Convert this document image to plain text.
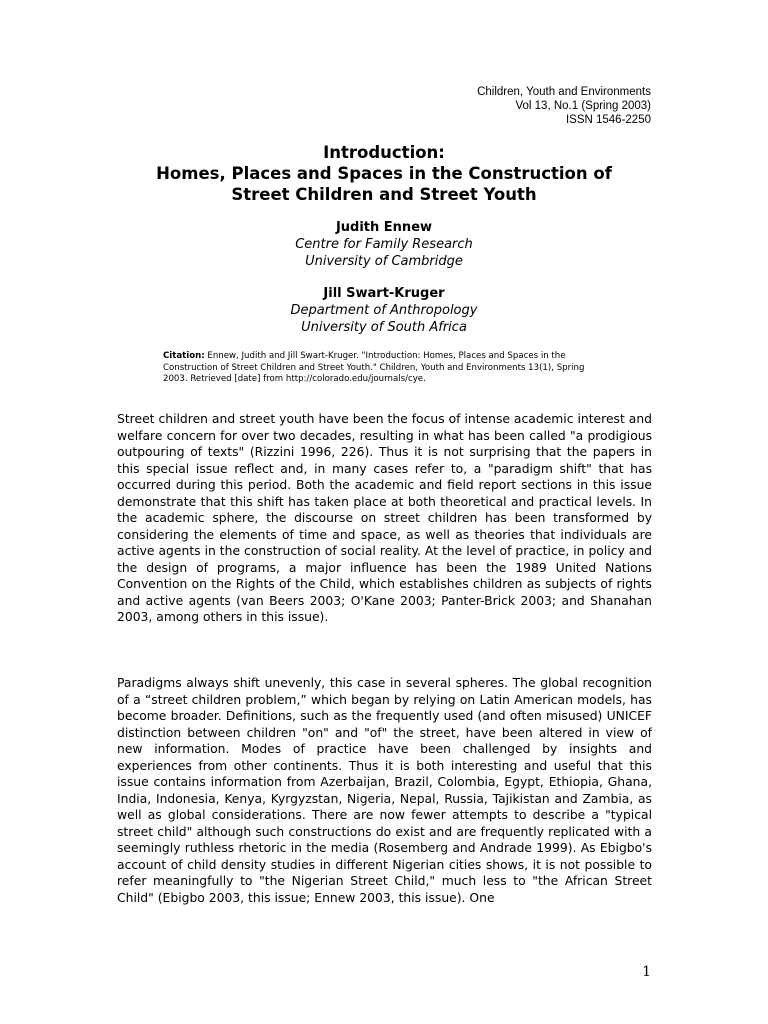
Children, Youth and Environments
Vol 13, No.1 (Spring 2003)
ISSN 1546-2250
Introduction:
Homes, Places and Spaces in the Construction of
Street Children and Street Youth
Judith Ennew
Centre for Family Research
University of Cambridge
Jill Swart-Kruger
Department of Anthropology
University of South Africa
Citation: Ennew, Judith and Jill Swart-Kruger. "Introduction: Homes, Places and Spaces in the Construction of Street Children and Street Youth." Children, Youth and Environments 13(1), Spring 2003. Retrieved [date] from http://colorado.edu/journals/cye.

Street children and street youth have been the focus of intense academic interest and welfare concern for over two decades, resulting in what has been called "a prodigious outpouring of texts" (Rizzini 1996, 226). Thus it is not surprising that the papers in this special issue reflect and, in many cases refer to, a "paradigm shift" that has occurred during this period. Both the academic and field report sections in this issue demonstrate that this shift has taken place at both theoretical and practical levels. In the academic sphere, the discourse on street children has been transformed by considering the elements of time and space, as well as theories that individuals are active agents in the construction of social reality. At the level of practice, in policy and the design of programs, a major influence has been the 1989 United Nations Convention on the Rights of the Child, which establishes children as subjects of rights and active agents (van Beers 2003; O'Kane 2003; Panter-Brick 2003; and Shanahan 2003, among others in this issue).

Paradigms always shift unevenly, this case in several spheres. The global recognition of a “street children problem,” which began by relying on Latin American models, has become broader. Definitions, such as the frequently used (and often misused) UNICEF distinction between children "on" and "of" the street, have been altered in view of new information. Modes of practice have been challenged by insights and experiences from other continents. Thus it is both interesting and useful that this issue contains information from Azerbaijan, Brazil, Colombia, Egypt, Ethiopia, Ghana, India, Indonesia, Kenya, Kyrgyzstan, Nigeria, Nepal, Russia, Tajikistan and Zambia, as well as global considerations. There are now fewer attempts to describe a "typical street child" although such constructions do exist and are frequently replicated with a seemingly ruthless rhetoric in the media (Rosemberg and Andrade 1999). As Ebigbo's account of child density studies in different Nigerian cities shows, it is not possible to refer meaningfully to "the Nigerian Street Child," much less to "the African Street Child" (Ebigbo 2003, this issue; Ennew 2003, this issue). One

1
